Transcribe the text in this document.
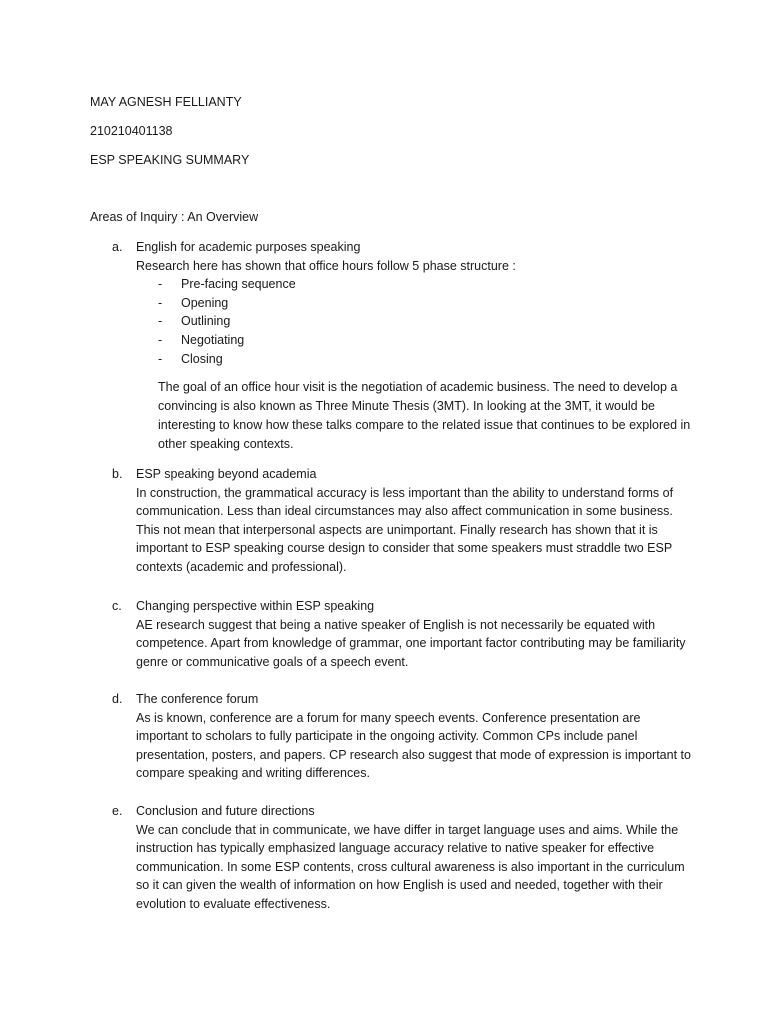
MAY AGNESH FELLIANTY
210210401138
ESP SPEAKING SUMMARY
Areas of Inquiry : An Overview
a.	English for academic purposes speaking
Research here has shown that office hours follow 5 phase structure :
- Pre-facing sequence
- Opening
- Outlining
- Negotiating
- Closing

The goal of an office hour visit is the negotiation of academic business. The need to develop a convincing is also known as Three Minute Thesis (3MT). In looking at the 3MT, it would be interesting to know how these talks compare to the related issue that continues to be explored in other speaking contexts.

b.	ESP speaking beyond academia
In construction, the grammatical accuracy is less important than the ability to understand forms of communication. Less than ideal circumstances may also affect communication in some business. This not mean that interpersonal aspects are unimportant. Finally research has shown that it is important to ESP speaking course design to consider that some speakers must straddle two ESP contexts (academic and professional).
c.	Changing perspective within ESP speaking
AE research suggest that being a native speaker of English is not necessarily be equated with competence. Apart from knowledge of grammar, one important factor contributing may be familiarity genre or communicative goals of a speech event.
d.	The conference forum
As is known, conference are a forum for many speech events. Conference presentation are important to scholars to fully participate in the ongoing activity. Common CPs include panel presentation, posters, and papers. CP research also suggest that mode of expression is important to compare speaking and writing differences.
e.	Conclusion and future directions
We can conclude that in communicate, we have differ in target language uses and aims. While the instruction has typically emphasized language accuracy relative to native speaker for effective communication. In some ESP contents, cross cultural awareness is also important in the curriculum so it can given the wealth of information on how English is used and needed, together with their evolution to evaluate effectiveness.
